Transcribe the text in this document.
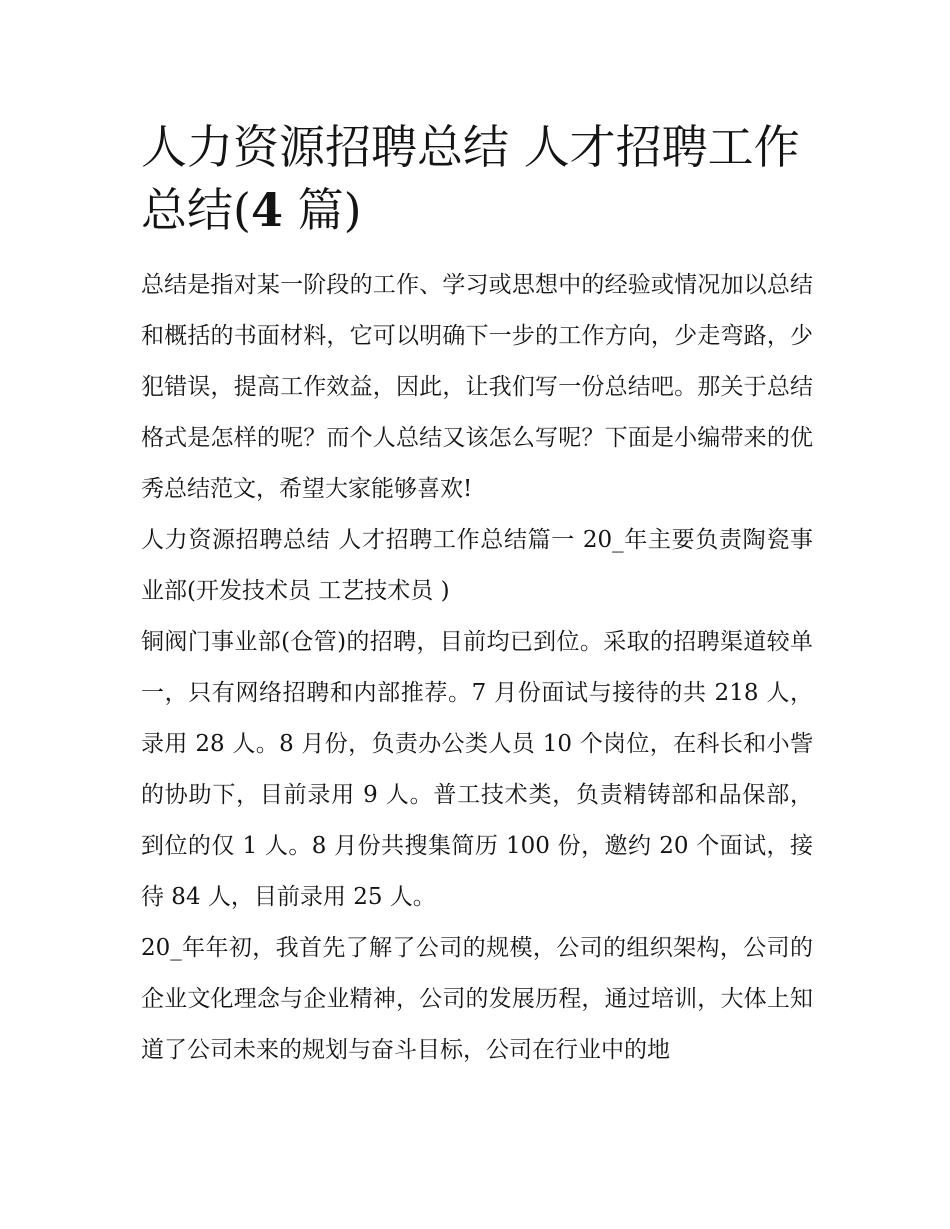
人力资源招聘总结 人才招聘工作总结(4 篇)

总结是指对某一阶段的工作、学习或思想中的经验或情况加以总结和概括的书面材料，它可以明确下一步的工作方向，少走弯路，少犯错误，提高工作效益，因此，让我们写一份总结吧。那关于总结格式是怎样的呢？而个人总结又该怎么写呢？下面是小编带来的优秀总结范文，希望大家能够喜欢!

人力资源招聘总结 人才招聘工作总结篇一 20_年主要负责陶瓷事业部(开发技术员 工艺技术员 )

铜阀门事业部(仓管)的招聘，目前均已到位。采取的招聘渠道较单一，只有网络招聘和内部推荐。7 月份面试与接待的共 218 人，录用 28 人。8 月份，负责办公类人员 10 个岗位，在科长和小訾的协助下，目前录用 9 人。普工技术类，负责精铸部和品保部，到位的仅 1 人。8 月份共搜集简历 100 份，邀约 20 个面试，接待 84 人，目前录用 25 人。

20_年年初，我首先了解了公司的规模，公司的组织架构，公司的企业文化理念与企业精神，公司的发展历程，通过培训，大体上知道了公司未来的规划与奋斗目标，公司在行业中的地
